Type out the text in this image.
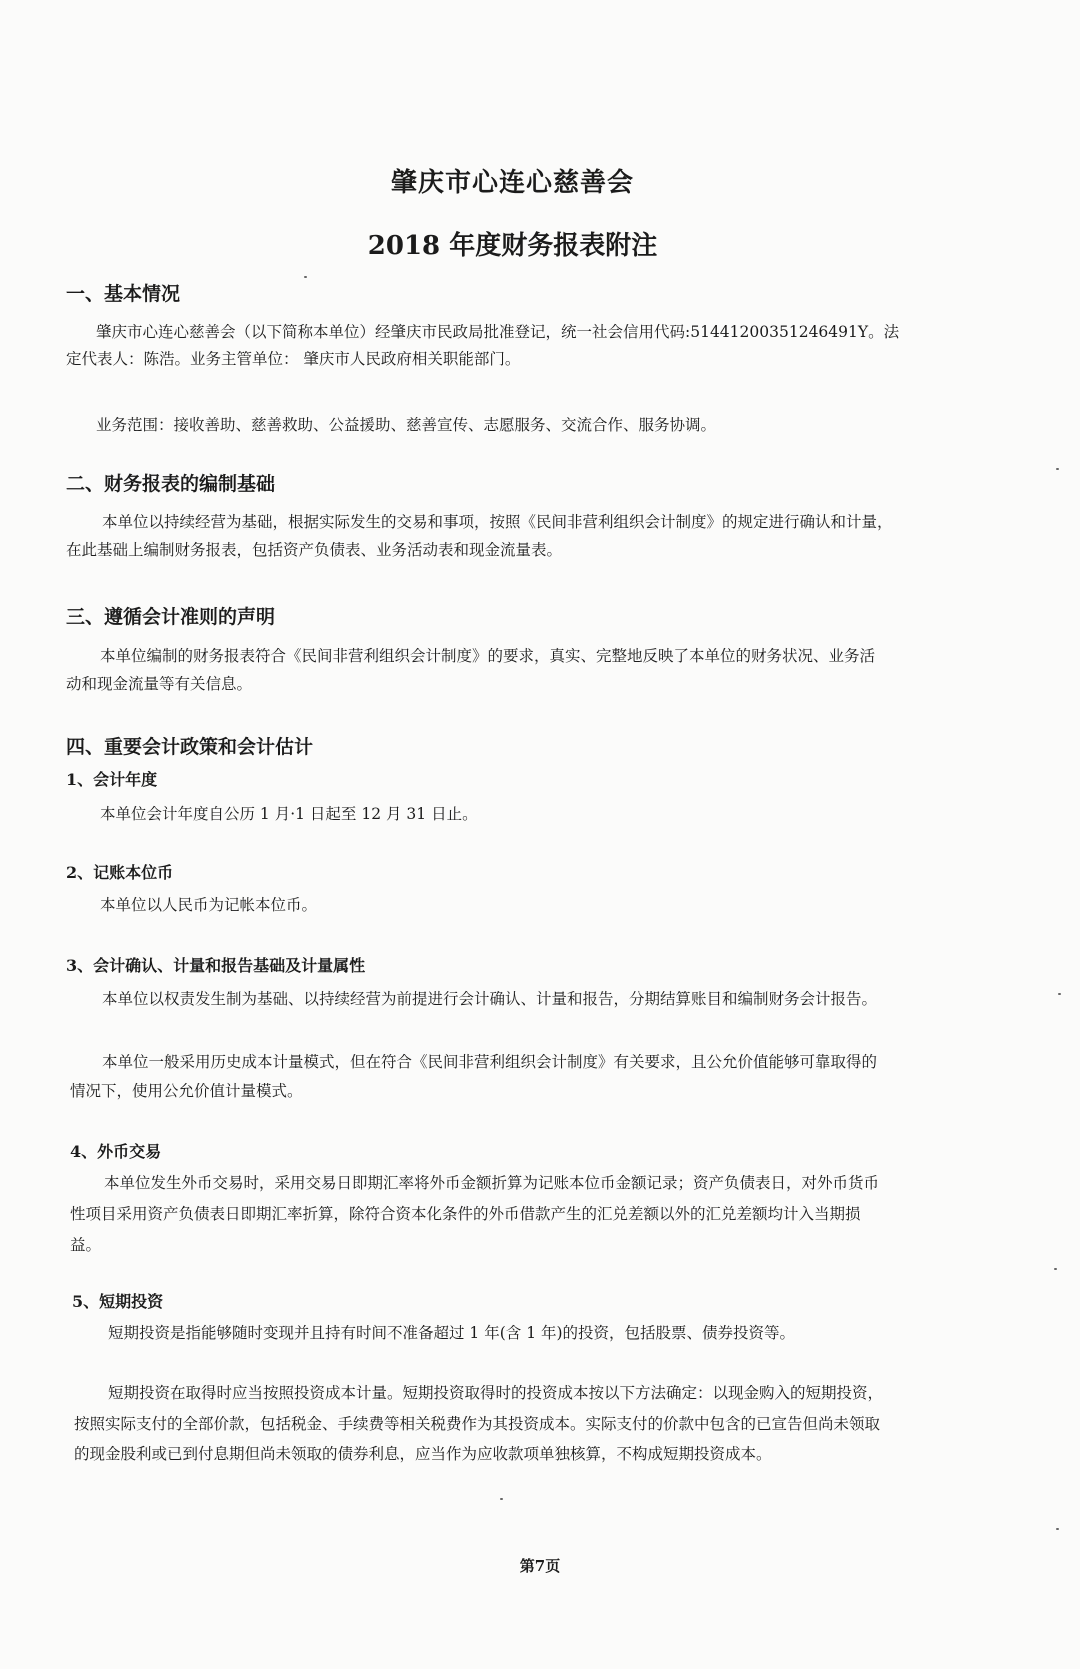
肇庆市心连心慈善会
2018 年度财务报表附注
一、基本情况
肇庆市心连心慈善会（以下简称本单位）经肇庆市民政局批准登记，统一社会信用代码:51441200351246491Y。法
定代表人：陈浩。业务主管单位： 肇庆市人民政府相关职能部门。
业务范围：接收善助、慈善救助、公益援助、慈善宣传、志愿服务、交流合作、服务协调。
二、财务报表的编制基础
本单位以持续经营为基础，根据实际发生的交易和事项，按照《民间非营利组织会计制度》的规定进行确认和计量，
在此基础上编制财务报表，包括资产负债表、业务活动表和现金流量表。
三、遵循会计准则的声明
本单位编制的财务报表符合《民间非营利组织会计制度》的要求，真实、完整地反映了本单位的财务状况、业务活
动和现金流量等有关信息。
四、重要会计政策和会计估计
1、会计年度
本单位会计年度自公历 1 月·1 日起至 12 月 31 日止。
2、记账本位币
本单位以人民币为记帐本位币。
3、会计确认、计量和报告基础及计量属性
本单位以权责发生制为基础、以持续经营为前提进行会计确认、计量和报告，分期结算账目和编制财务会计报告。
本单位一般采用历史成本计量模式，但在符合《民间非营利组织会计制度》有关要求，且公允价值能够可靠取得的
情况下，使用公允价值计量模式。
4、外币交易
本单位发生外币交易时，采用交易日即期汇率将外币金额折算为记账本位币金额记录；资产负债表日，对外币货币
性项目采用资产负债表日即期汇率折算，除符合资本化条件的外币借款产生的汇兑差额以外的汇兑差额均计入当期损
益。
5、短期投资
短期投资是指能够随时变现并且持有时间不准备超过 1 年(含 1 年)的投资，包括股票、债券投资等。
短期投资在取得时应当按照投资成本计量。短期投资取得时的投资成本按以下方法确定：以现金购入的短期投资，
按照实际支付的全部价款，包括税金、手续费等相关税费作为其投资成本。实际支付的价款中包含的已宣告但尚未领取
的现金股利或已到付息期但尚未领取的债券利息，应当作为应收款项单独核算，不构成短期投资成本。
第7页
